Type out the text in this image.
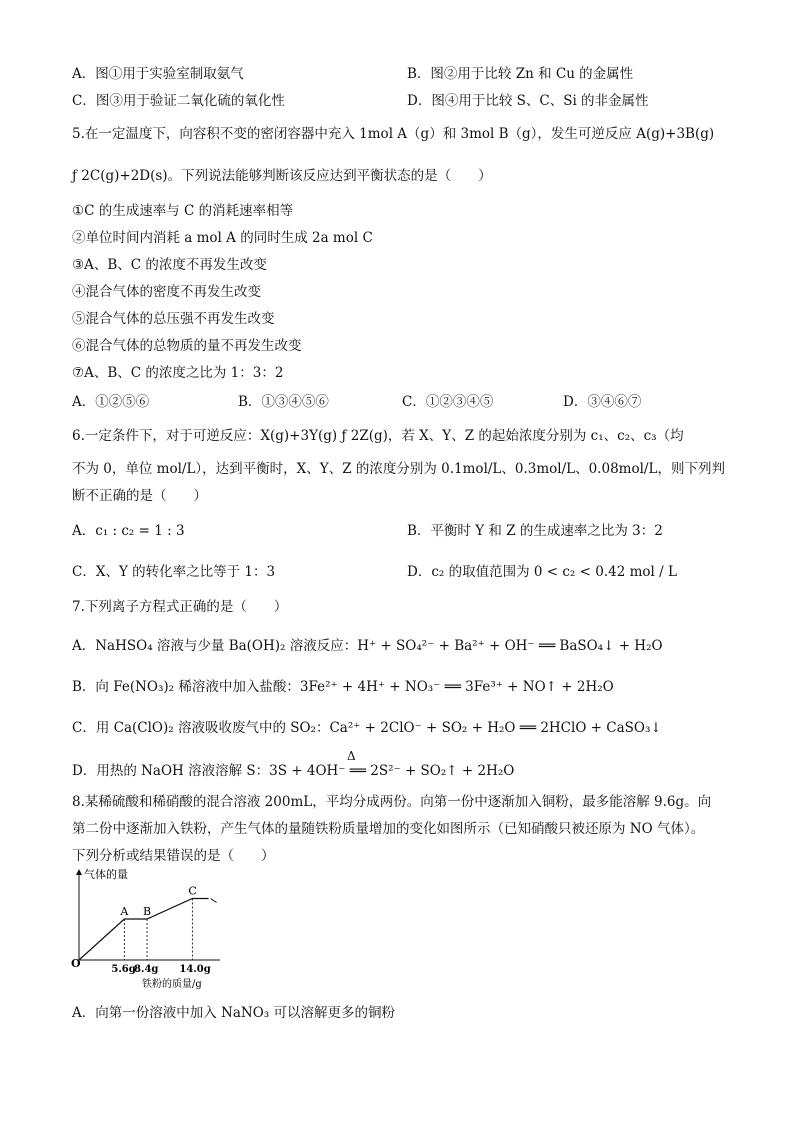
A．图①用于实验室制取氨气	B．图②用于比较 Zn 和 Cu 的金属性
C．图③用于验证二氧化硫的氧化性	D．图④用于比较 S、C、Si 的非金属性
5.在一定温度下，向容积不变的密闭容器中充入 1mol A（g）和 3mol B（g），发生可逆反应 A(g)+3B(g)
ƒ 2C(g)+2D(s)。下列说法能够判断该反应达到平衡状态的是（　　）
①C 的生成速率与 C 的消耗速率相等
②单位时间内消耗 a mol A 的同时生成 2a mol C
③A、B、C 的浓度不再发生改变
④混合气体的密度不再发生改变
⑤混合气体的总压强不再发生改变
⑥混合气体的总物质的量不再发生改变
⑦A、B、C 的浓度之比为 1：3：2
A．①②⑤⑥	B．①③④⑤⑥	C．①②③④⑤	D．③④⑥⑦
6.一定条件下，对于可逆反应：X(g)+3Y(g) ƒ 2Z(g)，若 X、Y、Z 的起始浓度分别为 c₁、c₂、c₃（均
不为 0，单位 mol/L），达到平衡时，X、Y、Z 的浓度分别为 0.1mol/L、0.3mol/L、0.08mol/L，则下列判
断不正确的是（　　）
A．c₁ : c₂ = 1 : 3	B．平衡时 Y 和 Z 的生成速率之比为 3：2
C．X、Y 的转化率之比等于 1：3	D．c₂ 的取值范围为 0 < c₂ < 0.42 mol / L
7.下列离子方程式正确的是（　　）
A．NaHSO₄ 溶液与少量 Ba(OH)₂ 溶液反应：H⁺ + SO₄²⁻ + Ba²⁺ + OH⁻ ══ BaSO₄↓ + H₂O
B．向 Fe(NO₃)₂ 稀溶液中加入盐酸：3Fe²⁺ + 4H⁺ + NO₃⁻ ══ 3Fe³⁺ + NO↑ + 2H₂O
C．用 Ca(ClO)₂ 溶液吸收废气中的 SO₂：Ca²⁺ + 2ClO⁻ + SO₂ + H₂O ══ 2HClO + CaSO₃↓
Δ
D．用热的 NaOH 溶液溶解 S：3S + 4OH⁻ ══ 2S²⁻ + SO₂↑ + 2H₂O
8.某稀硫酸和稀硝酸的混合溶液 200mL，平均分成两份。向第一份中逐渐加入铜粉，最多能溶解 9.6g。向
第二份中逐渐加入铁粉，产生气体的量随铁粉质量增加的变化如图所示（已知硝酸只被还原为 NO 气体）。
下列分析或结果错误的是（　　）
气体的量
O
A
5.6g
B
8.4g
C
14.0g
铁粉的质量/g
A．向第一份溶液中加入 NaNO₃ 可以溶解更多的铜粉
